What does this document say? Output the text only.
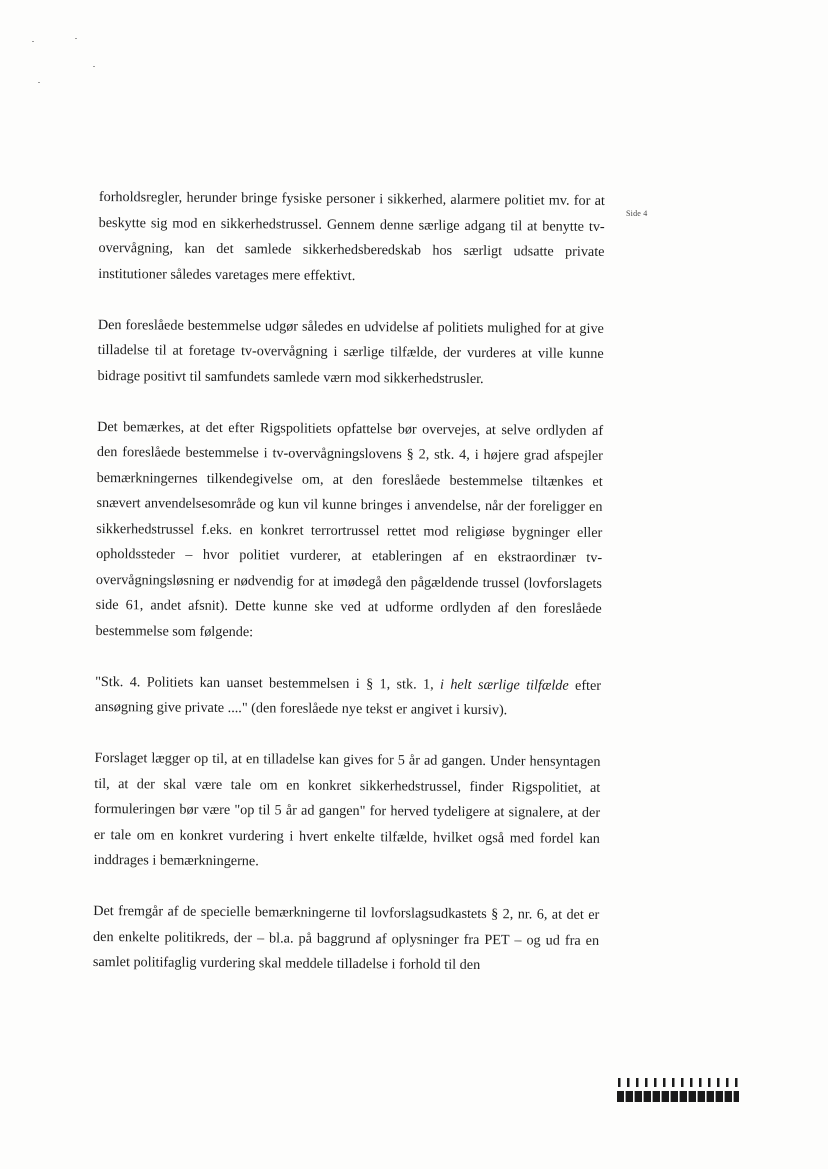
Side 4

forholdsregler, herunder bringe fysiske personer i sikkerhed, alarmere politiet mv. for at beskytte sig mod en sikkerhedstrussel. Gennem denne særlige adgang til at benytte tv-overvågning, kan det samlede sikkerhedsberedskab hos særligt udsatte private institutioner således varetages mere effektivt.

Den foreslåede bestemmelse udgør således en udvidelse af politiets mulighed for at give tilladelse til at foretage tv-overvågning i særlige tilfælde, der vurderes at ville kunne bidrage positivt til samfundets samlede værn mod sikkerhedstrusler.

Det bemærkes, at det efter Rigspolitiets opfattelse bør overvejes, at selve ordlyden af den foreslåede bestemmelse i tv-overvågningslovens § 2, stk. 4, i højere grad afspejler bemærkningernes tilkendegivelse om, at den foreslåede bestemmelse tiltænkes et snævert anvendelsesområde og kun vil kunne bringes i anvendelse, når der foreligger en sikkerhedstrussel f.eks. en konkret terrortrussel rettet mod religiøse bygninger eller opholdssteder – hvor politiet vurderer, at etableringen af en ekstraordinær tv-overvågningsløsning er nødvendig for at imødegå den pågældende trussel (lovforslagets side 61, andet afsnit). Dette kunne ske ved at udforme ordlyden af den foreslåede bestemmelse som følgende:

"Stk. 4. Politiets kan uanset bestemmelsen i § 1, stk. 1, i helt særlige tilfælde efter ansøgning give private ...." (den foreslåede nye tekst er angivet i kursiv).

Forslaget lægger op til, at en tilladelse kan gives for 5 år ad gangen. Under hensyntagen til, at der skal være tale om en konkret sikkerhedstrussel, finder Rigspolitiet, at formuleringen bør være "op til 5 år ad gangen" for herved tydeligere at signalere, at der er tale om en konkret vurdering i hvert enkelte tilfælde, hvilket også med fordel kan inddrages i bemærkningerne.

Det fremgår af de specielle bemærkningerne til lovforslagsudkastets § 2, nr. 6, at det er den enkelte politikreds, der – bl.a. på baggrund af oplysninger fra PET – og ud fra en samlet politifaglig vurdering skal meddele tilladelse i forhold til den
